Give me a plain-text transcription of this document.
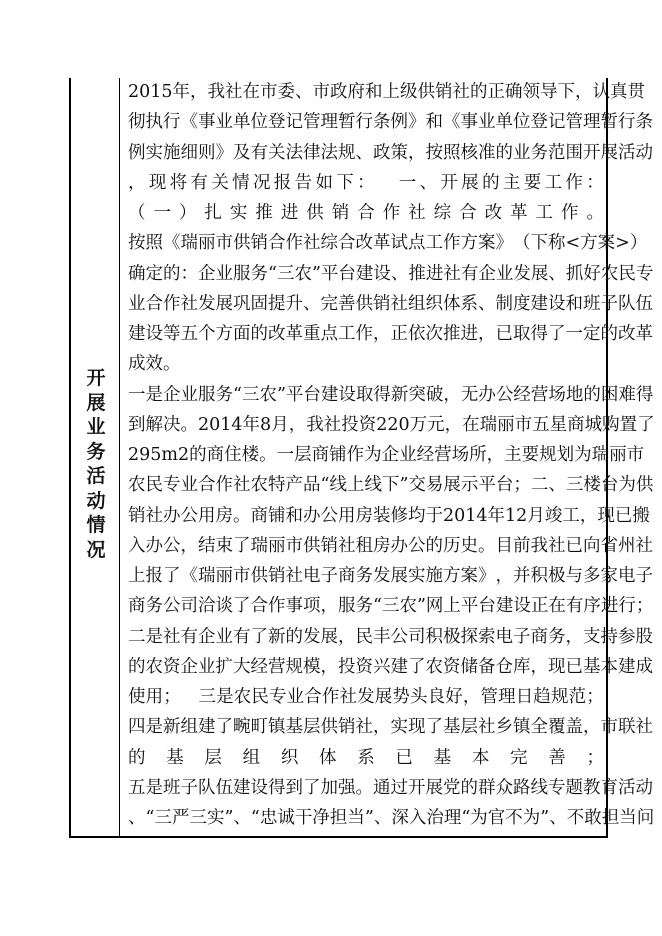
开
展
业
务
活
动
情
况
2015 年 ， 我 社 在 市 委 、 市 政 府 和 上 级 供 销 社 的 正 确 领 导 下 ， 认 真 贯
彻 执 行 《 事 业 单 位 登 记 管 理 暂 行 条 例 》 和 《 事 业 单 位 登 记 管 理 暂 行 条
例 实 施 细 则 》 及 有 关 法 律 法 规 、 政 策 ， 按 照 核 准 的 业 务 范 围 开 展 活 动
， 现 将 有 关 情 况 报 告 如 下 ：
　 一 、 开 展 的 主 要 工 作 ：
（ 一 ） 扎 实 推 进 供 销 合 作 社 综 合 改 革 工 作 。
按 照 《 瑞 丽 市 供 销 合 作 社 综 合 改 革 试 点 工 作 方 案 》 （ 下 称 < 方 案 > ）
确 定 的 ： 企 业 服 务 “ 三 农 ” 平 台 建 设 、 推 进 社 有 企 业 发 展 、 抓 好 农 民 专
业 合 作 社 发 展 巩 固 提 升 、 完 善 供 销 社 组 织 体 系 、 制 度 建 设 和 班 子 队 伍
建 设 等 五 个 方 面 的 改 革 重 点 工 作 ， 正 依 次 推 进 ， 已 取 得 了 一 定 的 改 革
成效。
一 是 企 业 服 务 “ 三 农 ” 平 台 建 设 取 得 新 突 破 ， 无 办 公 经 营 场 地 的 困 难 得
到 解 决 。 2014 年 8 月 ， 我 社 投 资 220 万 元 ， 在 瑞 丽 市 五 星 商 城 购 置 了
295m2 的 商 住 楼 。 一 层 商 铺 作 为 企 业 经 营 场 所 ， 主 要 规 划 为 瑞 丽 市
农 民 专 业 合 作 社 农 特 产 品 “ 线 上 线 下 ” 交 易 展 示 平 台 ； 二 、 三 楼 台 为 供
销 社 办 公 用 房 。 商 铺 和 办 公 用 房 装 修 均 于 2014 年 12 月 竣 工 ， 现 已 搬
入 办 公 ， 结 束 了 瑞 丽 市 供 销 社 租 房 办 公 的 历 史 。 目 前 我 社 已 向 省 州 社
上 报 了 《 瑞 丽 市 供 销 社 电 子 商 务 发 展 实 施 方 案 》 ， 并 积 极 与 多 家 电 子
商 务 公 司 洽 谈 了 合 作 事 项 ， 服 务 “ 三 农 ” 网 上 平 台 建 设 正 在 有 序 进 行 ；
二 是 社 有 企 业 有 了 新 的 发 展 ， 民 丰 公 司 积 极 探 索 电 子 商 务 ， 支 持 参 股
的 农 资 企 业 扩 大 经 营 规 模 ， 投 资 兴 建 了 农 资 储 备 仓 库 ， 现 已 基 本 建 成
使 用 ；
　 三 是 农 民 专 业 合 作 社 发 展 势 头 良 好 ， 管 理 日 趋 规 范 ；
四 是 新 组 建 了 畹 町 镇 基 层 供 销 社 ， 实 现 了 基 层 社 乡 镇 全 覆 盖 ， 市 联 社
的 基 层 组 织 体 系 已 基 本 完 善 ；
五 是 班 子 队 伍 建 设 得 到 了 加 强 。 通 过 开 展 党 的 群 众 路 线 专 题 教 育 活 动
、 “ 三 严 三 实 ” 、 “ 忠 诚 干 净 担 当 ” 、 深 入 治 理 “ 为 官 不 为 ” 、 不 敢 担 当 问
